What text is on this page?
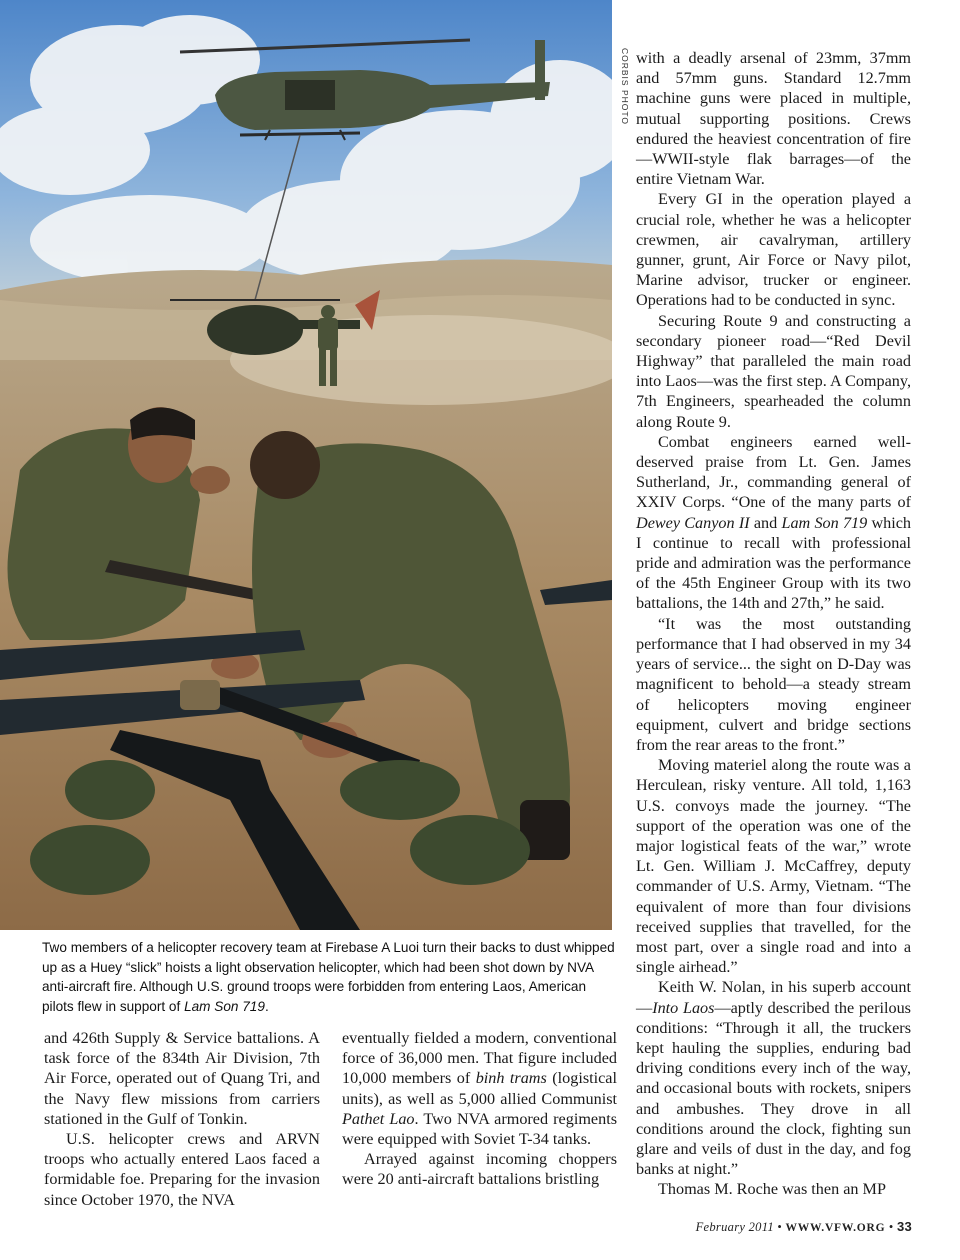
CORBIS PHOTO
Two members of a helicopter recovery team at Firebase A Luoi turn their backs to dust whipped up as a Huey “slick” hoists a light observation helicopter, which had been shot down by NVA anti-aircraft fire. Although U.S. ground troops were forbidden from entering Laos, American pilots flew in support of Lam Son 719.

with a deadly arsenal of 23mm, 37mm and 57mm guns. Standard 12.7mm machine guns were placed in multiple, mutual supporting positions. Crews endured the heaviest concentration of fire—WWII-style flak barrages—of the entire Vietnam War.

Every GI in the operation played a crucial role, whether he was a helicopter crewmen, air cavalryman, artillery gunner, grunt, Air Force or Navy pilot, Marine advisor, trucker or engineer. Operations had to be conducted in sync.

Securing Route 9 and constructing a secondary pioneer road—“Red Devil Highway” that paralleled the main road into Laos—was the first step. A Company, 7th Engineers, spearheaded the column along Route 9.

Combat engineers earned well-deserved praise from Lt. Gen. James Sutherland, Jr., commanding general of XXIV Corps. “One of the many parts of Dewey Canyon II and Lam Son 719 which I continue to recall with professional pride and admiration was the performance of the 45th Engineer Group with its two battalions, the 14th and 27th,” he said.

“It was the most outstanding performance that I had observed in my 34 years of service... the sight on D-Day was magnificent to behold—a steady stream of helicopters moving engineer equipment, culvert and bridge sections from the rear areas to the front.”

Moving materiel along the route was a Herculean, risky venture. All told, 1,163 U.S. convoys made the journey. “The support of the operation was one of the major logistical feats of the war,” wrote Lt. Gen. William J. McCaffrey, deputy commander of U.S. Army, Vietnam. “The equivalent of more than four divisions received supplies that travelled, for the most part, over a single road and into a single airhead.”

Keith W. Nolan, in his superb account—Into Laos—aptly described the perilous conditions: “Through it all, the truckers kept hauling the supplies, enduring bad driving conditions every inch of the way, and occasional bouts with rockets, snipers and ambushes. They drove in all conditions around the clock, fighting sun glare and veils of dust in the day, and fog banks at night.”

Thomas M. Roche was then an MP

and 426th Supply & Service battalions. A task force of the 834th Air Division, 7th Air Force, operated out of Quang Tri, and the Navy flew missions from carriers stationed in the Gulf of Tonkin.

U.S. helicopter crews and ARVN troops who actually entered Laos faced a formidable foe. Preparing for the invasion since October 1970, the NVA

eventually fielded a modern, conventional force of 36,000 men. That figure included 10,000 members of binh trams (logistical units), as well as 5,000 allied Communist Pathet Lao. Two NVA armored regiments were equipped with Soviet T-34 tanks.

Arrayed against incoming choppers were 20 anti-aircraft battalions bristling

February 2011 • WWW.VFW.ORG • 33
